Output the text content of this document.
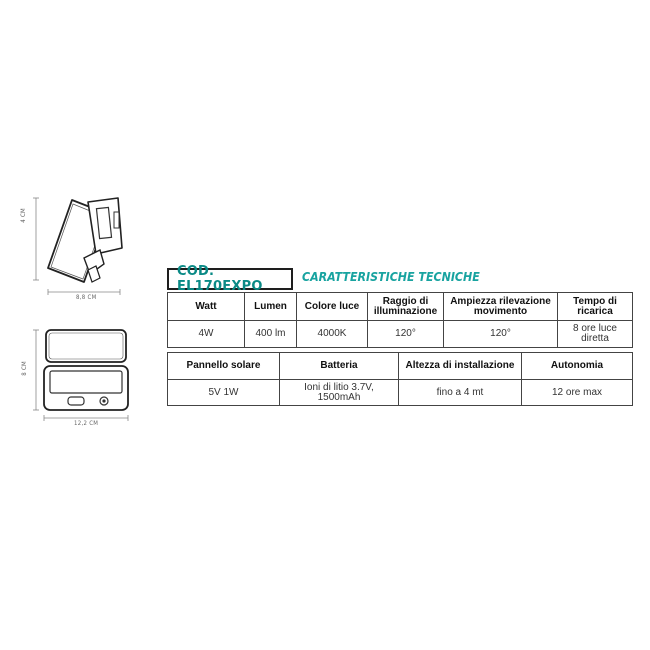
4 CM
8,8 CM
8 CM
12,2 CM
COD. EL170EXPO
CARATTERISTICHE TECNICHE
Watt	Lumen	Colore luce	Raggio di illuminazione	Ampiezza rilevazione movimento	Tempo di ricarica
4W	400 lm	4000K	120°	120°	8 ore luce diretta
Pannello solare	Batteria	Altezza di installazione	Autonomia
5V 1W	Ioni di litio 3.7V, 1500mAh	fino a 4 mt	12 ore max
